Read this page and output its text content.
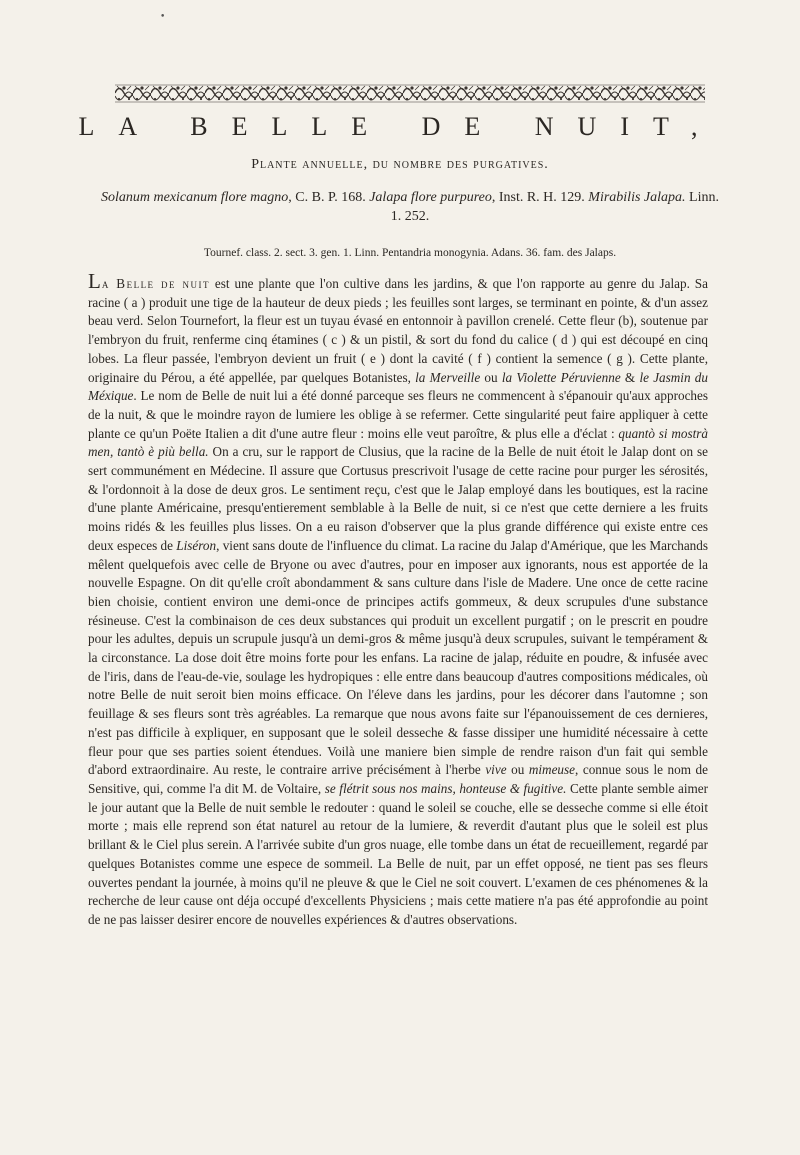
•
LA BELLE DE NUIT,
Plante annuelle, du nombre des purgatives.
Solanum mexicanum flore magno, C. B. P. 168. Jalapa flore purpureo, Inst. R. H. 129. Mirabilis Jalapa. Linn. 1. 252.
Tournef. class. 2. sect. 3. gen. 1. Linn. Pentandria monogynia. Adans. 36. fam. des Jalaps.
La Belle de nuit est une plante que l'on cultive dans les jardins, & que l'on rapporte au genre du Jalap. Sa racine ( a ) produit une tige de la hauteur de deux pieds ; les feuilles sont larges, se terminant en pointe, & d'un assez beau verd. Selon Tournefort, la fleur est un tuyau évasé en entonnoir à pavillon crenelé. Cette fleur (b), soutenue par l'embryon du fruit, renferme cinq étamines ( c ) & un pistil, & sort du fond du calice ( d ) qui est découpé en cinq lobes. La fleur passée, l'embryon devient un fruit ( e ) dont la cavité ( f ) contient la semence ( g ). Cette plante, originaire du Pérou, a été appellée, par quelques Botanistes, la Merveille ou la Violette Péruvienne & le Jasmin du Méxique. Le nom de Belle de nuit lui a été donné parceque ses fleurs ne commencent à s'épanouir qu'aux approches de la nuit, & que le moindre rayon de lumiere les oblige à se refermer. Cette singularité peut faire appliquer à cette plante ce qu'un Poëte Italien a dit d'une autre fleur : moins elle veut paroître, & plus elle a d'éclat : quantò si mostrà men, tantò è più bella. On a cru, sur le rapport de Clusius, que la racine de la Belle de nuit étoit le Jalap dont on se sert communément en Médecine. Il assure que Cortusus prescrivoit l'usage de cette racine pour purger les sérosités, & l'ordonnoit à la dose de deux gros. Le sentiment reçu, c'est que le Jalap employé dans les boutiques, est la racine d'une plante Américaine, presqu'entierement semblable à la Belle de nuit, si ce n'est que cette derniere a les fruits moins ridés & les feuilles plus lisses. On a eu raison d'observer que la plus grande différence qui existe entre ces deux especes de Liséron, vient sans doute de l'influence du climat. La racine du Jalap d'Amérique, que les Marchands mêlent quelquefois avec celle de Bryone ou avec d'autres, pour en imposer aux ignorants, nous est apportée de la nouvelle Espagne. On dit qu'elle croît abondamment & sans culture dans l'isle de Madere. Une once de cette racine bien choisie, contient environ une demi-once de principes actifs gommeux, & deux scrupules d'une substance résineuse. C'est la combinaison de ces deux substances qui produit un excellent purgatif ; on le prescrit en poudre pour les adultes, depuis un scrupule jusqu'à un demi-gros & même jusqu'à deux scrupules, suivant le tempérament & la circonstance. La dose doit être moins forte pour les enfans. La racine de jalap, réduite en poudre, & infusée avec de l'iris, dans de l'eau-de-vie, soulage les hydropiques : elle entre dans beaucoup d'autres compositions médicales, où notre Belle de nuit seroit bien moins efficace. On l'éleve dans les jardins, pour les décorer dans l'automne ; son feuillage & ses fleurs sont très agréables. La remarque que nous avons faite sur l'épanouissement de ces dernieres, n'est pas difficile à expliquer, en supposant que le soleil desseche & fasse dissiper une humidité nécessaire à cette fleur pour que ses parties soient étendues. Voilà une maniere bien simple de rendre raison d'un fait qui semble d'abord extraordinaire. Au reste, le contraire arrive précisément à l'herbe vive ou mimeuse, connue sous le nom de Sensitive, qui, comme l'a dit M. de Voltaire, se flétrit sous nos mains, honteuse & fugitive. Cette plante semble aimer le jour autant que la Belle de nuit semble le redouter : quand le soleil se couche, elle se desseche comme si elle étoit morte ; mais elle reprend son état naturel au retour de la lumiere, & reverdit d'autant plus que le soleil est plus brillant & le Ciel plus serein. A l'arrivée subite d'un gros nuage, elle tombe dans un état de recueillement, regardé par quelques Botanistes comme une espece de sommeil. La Belle de nuit, par un effet opposé, ne tient pas ses fleurs ouvertes pendant la journée, à moins qu'il ne pleuve & que le Ciel ne soit couvert. L'examen de ces phénomenes & la recherche de leur cause ont déja occupé d'excellents Physiciens ; mais cette matiere n'a pas été approfondie au point de ne pas laisser desirer encore de nouvelles expériences & d'autres observations.
